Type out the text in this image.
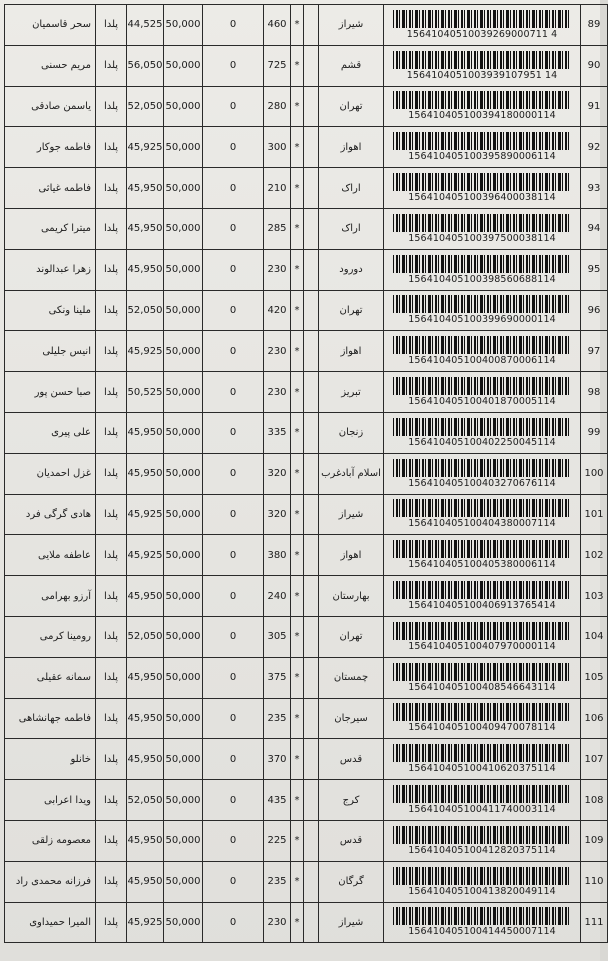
سحر قاسمیان	پلدا	44,525	50,000	0	460	*		شیراز	15641040510039269000711 4	89
مریم حسنی	پلدا	56,050	50,000	0	725	*		قشم	1564104051003939107951 14	90
یاسمن صادقی	پلدا	52,050	50,000	0	280	*		تهران	156410405100394180000114	91
فاطمه جوکار	پلدا	45,925	50,000	0	300	*		اهواز	156410405100395890006114	92
فاطمه غیاثی	پلدا	45,950	50,000	0	210	*		اراک	156410405100396400038114	93
میترا کریمی	پلدا	45,950	50,000	0	285	*		اراک	156410405100397500038114	94
زهرا عبدالوند	پلدا	45,950	50,000	0	230	*		دورود	156410405100398560688114	95
ملینا ونکی	پلدا	52,050	50,000	0	420	*		تهران	156410405100399690000114	96
انیس جلیلی	پلدا	45,925	50,000	0	230	*		اهواز	156410405100400870006114	97
صبا حسن پور	پلدا	50,525	50,000	0	230	*		تبریز	156410405100401870005114	98
علی پیری	پلدا	45,950	50,000	0	335	*		زنجان	156410405100402250045114	99
غزل احمدیان	پلدا	45,950	50,000	0	320	*		اسلام آبادغرب	156410405100403270676114	100
هادی گرگی فرد	پلدا	45,925	50,000	0	320	*		شیراز	156410405100404380007114	101
عاطفه ملایی	پلدا	45,925	50,000	0	380	*		اهواز	156410405100405380006114	102
آرزو بهرامی	پلدا	45,950	50,000	0	240	*		بهارستان	156410405100406913765414	103
رومینا کرمی	پلدا	52,050	50,000	0	305	*		تهران	156410405100407970000114	104
سمانه عقیلی	پلدا	45,950	50,000	0	375	*		چمستان	156410405100408546643114	105
فاطمه جهانشاهی	پلدا	45,950	50,000	0	235	*		سیرجان	156410405100409470078114	106
خانلو	پلدا	45,950	50,000	0	370	*		قدس	156410405100410620375114	107
ویدا اعرابی	پلدا	52,050	50,000	0	435	*		کرج	156410405100411740003114	108
معصومه زلقی	پلدا	45,950	50,000	0	225	*		قدس	156410405100412820375114	109
فرزانه محمدی راد	پلدا	45,950	50,000	0	235	*		گرگان	156410405100413820049114	110
المیرا حمیداوی	پلدا	45,925	50,000	0	230	*		شیراز	156410405100414450007114	111
